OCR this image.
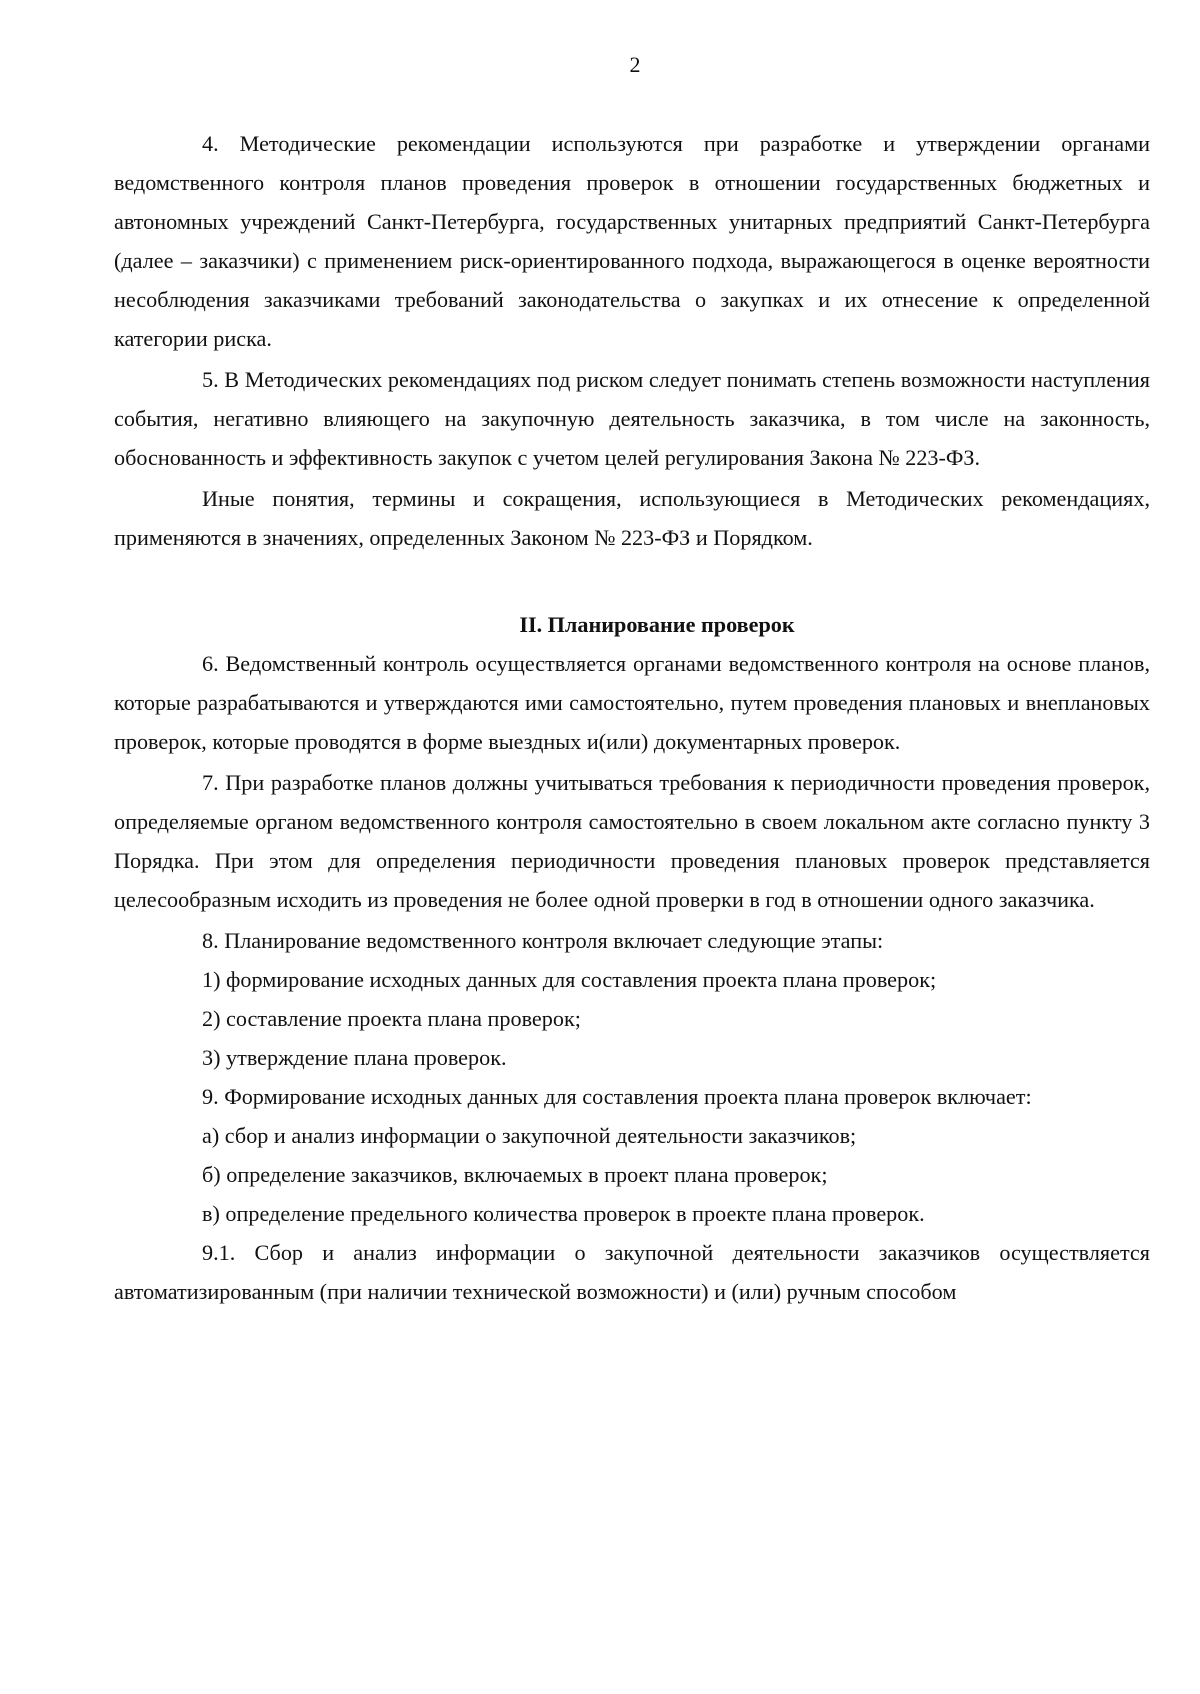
2

4. Методические рекомендации используются при разработке и утверждении органами ведомственного контроля планов проведения проверок в отношении государственных бюджетных и автономных учреждений Санкт-Петербурга, государственных унитарных предприятий Санкт-Петербурга (далее – заказчики) с применением риск-ориентированного подхода, выражающегося в оценке вероятности несоблюдения заказчиками требований законодательства о закупках и их отнесение к определенной категории риска.

5. В Методических рекомендациях под риском следует понимать степень возможности наступления события, негативно влияющего на закупочную деятельность заказчика, в том числе на законность, обоснованность и эффективность закупок с учетом целей регулирования Закона № 223-ФЗ.

Иные понятия, термины и сокращения, использующиеся в Методических рекомендациях, применяются в значениях, определенных Законом № 223-ФЗ и Порядком.

II. Планирование проверок

6. Ведомственный контроль осуществляется органами ведомственного контроля на основе планов, которые разрабатываются и утверждаются ими самостоятельно, путем проведения плановых и внеплановых проверок, которые проводятся в форме выездных и(или) документарных проверок.

7. При разработке планов должны учитываться требования к периодичности проведения проверок, определяемые органом ведомственного контроля самостоятельно в своем локальном акте согласно пункту 3 Порядка. При этом для определения периодичности проведения плановых проверок представляется целесообразным исходить из проведения не более одной проверки в год в отношении одного заказчика.

8. Планирование ведомственного контроля включает следующие этапы:

1) формирование исходных данных для составления проекта плана проверок;

2) составление проекта плана проверок;

3) утверждение плана проверок.

9. Формирование исходных данных для составления проекта плана проверок включает:

а) сбор и анализ информации о закупочной деятельности заказчиков;

б) определение заказчиков, включаемых в проект плана проверок;

в) определение предельного количества проверок в проекте плана проверок.

9.1. Сбор и анализ информации о закупочной деятельности заказчиков осуществляется автоматизированным (при наличии технической возможности) и (или) ручным способом
